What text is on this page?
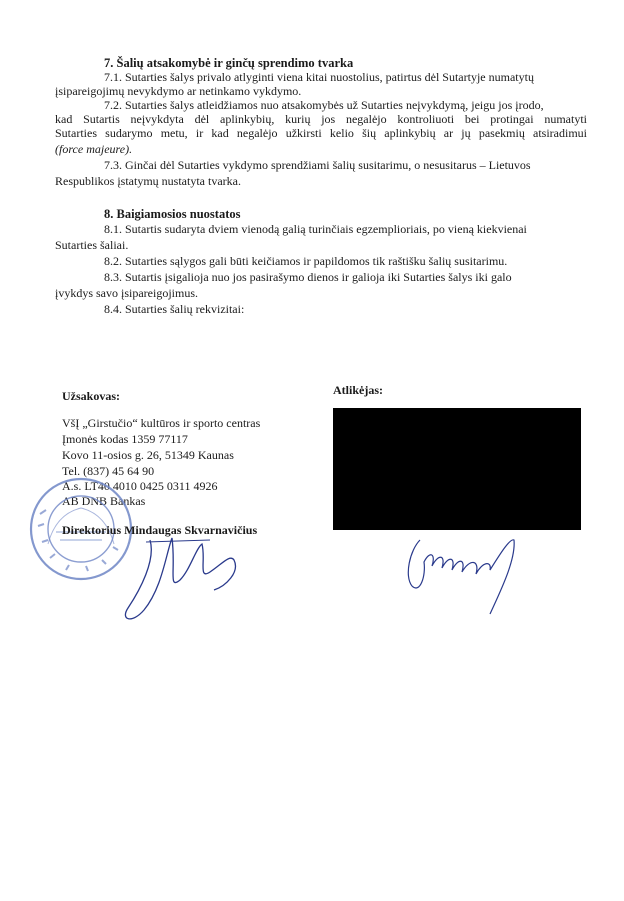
7. Šalių atsakomybė ir ginčų sprendimo tvarka
7.1. Sutarties šalys privalo atlyginti viena kitai nuostolius, patirtus dėl Sutartyje numatytų
įsipareigojimų nevykdymo ar netinkamo vykdymo.
7.2. Sutarties šalys atleidžiamos nuo atsakomybės už Sutarties neįvykdymą, jeigu jos įrodo,
kad Sutartis neįvykdyta dėl aplinkybių, kurių jos negalėjo kontroliuoti bei protingai numatyti
Sutarties sudarymo metu, ir kad negalėjo užkirsti kelio šių aplinkybių ar jų pasekmių atsiradimui
(force majeure).
7.3. Ginčai dėl Sutarties vykdymo sprendžiami šalių susitarimu, o nesusitarus – Lietuvos
Respublikos įstatymų nustatyta tvarka.
8. Baigiamosios nuostatos
8.1. Sutartis sudaryta dviem vienodą galią turinčiais egzemplioriais, po vieną kiekvienai
Sutarties šaliai.
8.2. Sutarties sąlygos gali būti keičiamos ir papildomos tik raštišku šalių susitarimu.
8.3. Sutartis įsigalioja nuo jos pasirašymo dienos ir galioja iki Sutarties šalys iki galo
įvykdys savo įsipareigojimus.
8.4. Sutarties šalių rekvizitai:
Užsakovas:	Atlikėjas:
VšĮ „Girstučio“ kultūros ir sporto centras
Įmonės kodas 1359 77117
Kovo 11-osios g. 26, 51349 Kaunas
Tel. (837) 45 64 90
A.s. LT40 4010 0425 0311 4926
AB DNB Bankas
Direktorius Mindaugas Skvarnavičius
